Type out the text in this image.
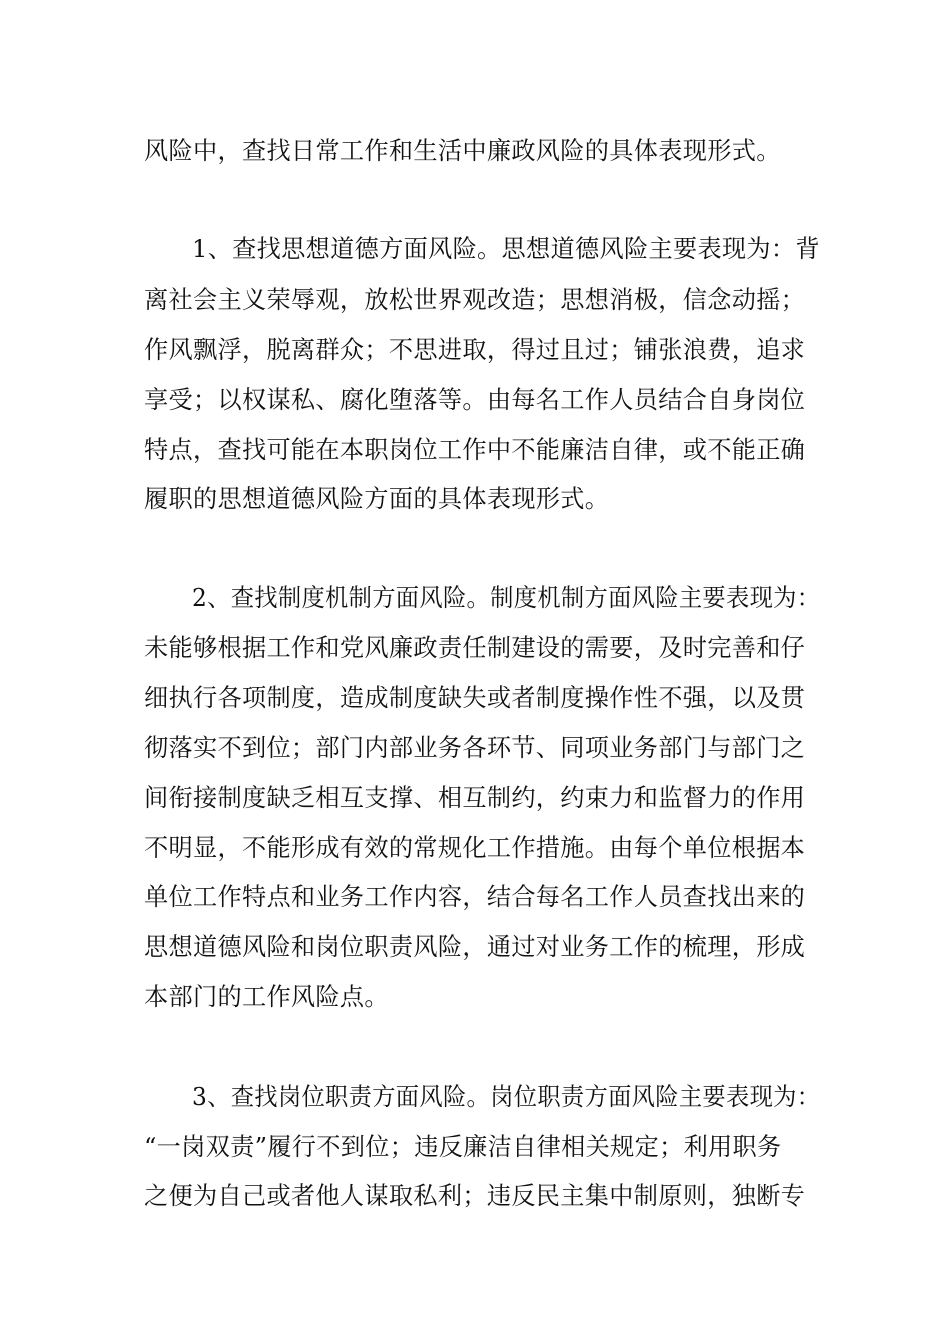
风险中，查找日常工作和生活中廉政风险的具体表现形式。
1、查找思想道德方面风险。思想道德风险主要表现为：背
离社会主义荣辱观，放松世界观改造；思想消极，信念动摇；
作风飘浮，脱离群众；不思进取，得过且过；铺张浪费，追求
享受；以权谋私、腐化堕落等。由每名工作人员结合自身岗位
特点，查找可能在本职岗位工作中不能廉洁自律，或不能正确
履职的思想道德风险方面的具体表现形式。
2、查找制度机制方面风险。制度机制方面风险主要表现为：
未能够根据工作和党风廉政责任制建设的需要，及时完善和仔
细执行各项制度，造成制度缺失或者制度操作性不强，以及贯
彻落实不到位；部门内部业务各环节、同项业务部门与部门之
间衔接制度缺乏相互支撑、相互制约，约束力和监督力的作用
不明显，不能形成有效的常规化工作措施。由每个单位根据本
单位工作特点和业务工作内容，结合每名工作人员查找出来的
思想道德风险和岗位职责风险，通过对业务工作的梳理，形成
本部门的工作风险点。
3、查找岗位职责方面风险。岗位职责方面风险主要表现为：
“一岗双责”履行不到位；违反廉洁自律相关规定；利用职务
之便为自己或者他人谋取私利；违反民主集中制原则，独断专
